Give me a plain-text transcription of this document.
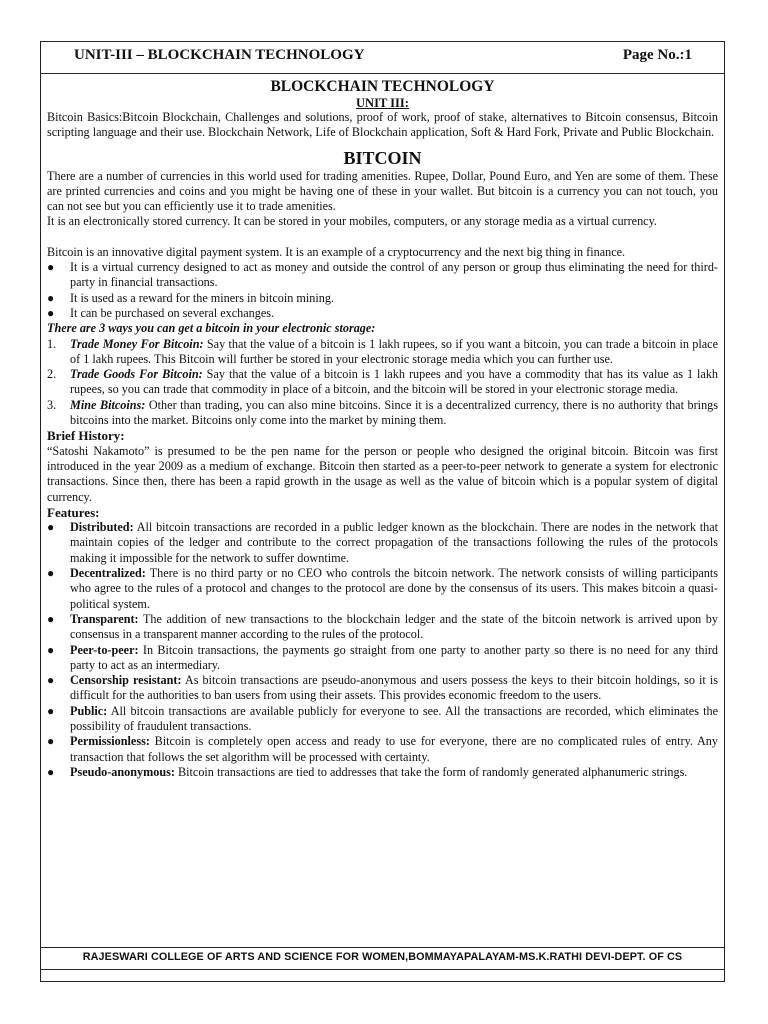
UNIT-III – BLOCKCHAIN TECHNOLOGY	Page No.:1

BLOCKCHAIN TECHNOLOGY

UNIT III:

Bitcoin Basics:Bitcoin Blockchain, Challenges and solutions, proof of work, proof of stake, alternatives to Bitcoin consensus, Bitcoin scripting language and their use. Blockchain Network, Life of Blockchain application, Soft & Hard Fork, Private and Public Blockchain.

BITCOIN

There are a number of currencies in this world used for trading amenities. Rupee, Dollar, Pound Euro, and Yen are some of them. These are printed currencies and coins and you might be having one of these in your wallet. But bitcoin is a currency you can not touch, you can not see but you can efficiently use it to trade amenities.

It is an electronically stored currency. It can be stored in your mobiles, computers, or any storage media as a virtual currency.

Bitcoin is an innovative digital payment system. It is an example of a cryptocurrency and the next big thing in finance.

● It is a virtual currency designed to act as money and outside the control of any person or group thus eliminating the need for third-party in financial transactions.
● It is used as a reward for the miners in bitcoin mining.
● It can be purchased on several exchanges.

There are 3 ways you can get a bitcoin in your electronic storage:

1. Trade Money For Bitcoin: Say that the value of a bitcoin is 1 lakh rupees, so if you want a bitcoin, you can trade a bitcoin in place of 1 lakh rupees. This Bitcoin will further be stored in your electronic storage media which you can further use.
2. Trade Goods For Bitcoin: Say that the value of a bitcoin is 1 lakh rupees and you have a commodity that has its value as 1 lakh rupees, so you can trade that commodity in place of a bitcoin, and the bitcoin will be stored in your electronic storage media.
3. Mine Bitcoins: Other than trading, you can also mine bitcoins. Since it is a decentralized currency, there is no authority that brings bitcoins into the market. Bitcoins only come into the market by mining them.

Brief History:

“Satoshi Nakamoto” is presumed to be the pen name for the person or people who designed the original bitcoin. Bitcoin was first introduced in the year 2009 as a medium of exchange. Bitcoin then started as a peer-to-peer network to generate a system for electronic transactions. Since then, there has been a rapid growth in the usage as well as the value of bitcoin which is a popular system of digital currency.

Features:

● Distributed: All bitcoin transactions are recorded in a public ledger known as the blockchain. There are nodes in the network that maintain copies of the ledger and contribute to the correct propagation of the transactions following the rules of the protocols making it impossible for the network to suffer downtime.
● Decentralized: There is no third party or no CEO who controls the bitcoin network. The network consists of willing participants who agree to the rules of a protocol and changes to the protocol are done by the consensus of its users. This makes bitcoin a quasi-political system.
● Transparent: The addition of new transactions to the blockchain ledger and the state of the bitcoin network is arrived upon by consensus in a transparent manner according to the rules of the protocol.
● Peer-to-peer: In Bitcoin transactions, the payments go straight from one party to another party so there is no need for any third party to act as an intermediary.
● Censorship resistant: As bitcoin transactions are pseudo-anonymous and users possess the keys to their bitcoin holdings, so it is difficult for the authorities to ban users from using their assets. This provides economic freedom to the users.
● Public: All bitcoin transactions are available publicly for everyone to see. All the transactions are recorded, which eliminates the possibility of fraudulent transactions.
● Permissionless: Bitcoin is completely open access and ready to use for everyone, there are no complicated rules of entry. Any transaction that follows the set algorithm will be processed with certainty.
● Pseudo-anonymous: Bitcoin transactions are tied to addresses that take the form of randomly generated alphanumeric strings.
RAJESWARI COLLEGE OF ARTS AND SCIENCE FOR WOMEN,BOMMAYAPALAYAM-MS.K.RATHI DEVI-DEPT. OF CS
